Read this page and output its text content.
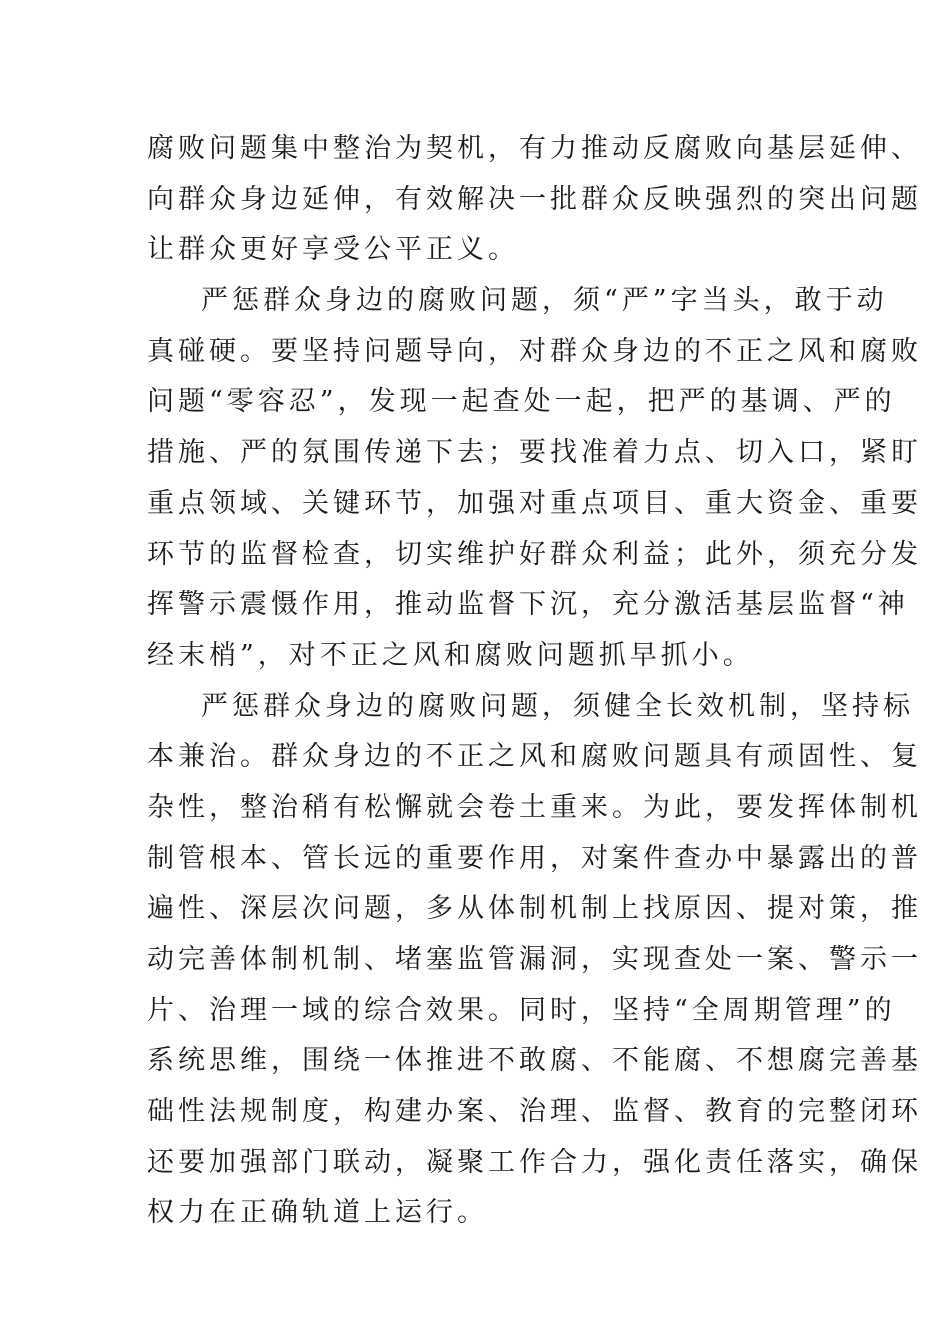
腐败问题集中整治为契机，有力推动反腐败向基层延伸、
向群众身边延伸，有效解决一批群众反映强烈的突出问题
让群众更好享受公平正义。
严惩群众身边的腐败问题，须“严”字当头，敢于动
真碰硬。要坚持问题导向，对群众身边的不正之风和腐败
问题“零容忍”，发现一起查处一起，把严的基调、严的
措施、严的氛围传递下去；要找准着力点、切入口，紧盯
重点领域、关键环节，加强对重点项目、重大资金、重要
环节的监督检查，切实维护好群众利益；此外，须充分发
挥警示震慑作用，推动监督下沉，充分激活基层监督“神
经末梢”，对不正之风和腐败问题抓早抓小。
严惩群众身边的腐败问题，须健全长效机制，坚持标
本兼治。群众身边的不正之风和腐败问题具有顽固性、复
杂性，整治稍有松懈就会卷土重来。为此，要发挥体制机
制管根本、管长远的重要作用，对案件查办中暴露出的普
遍性、深层次问题，多从体制机制上找原因、提对策，推
动完善体制机制、堵塞监管漏洞，实现查处一案、警示一
片、治理一域的综合效果。同时，坚持“全周期管理”的
系统思维，围绕一体推进不敢腐、不能腐、不想腐完善基
础性法规制度，构建办案、治理、监督、教育的完整闭环
还要加强部门联动，凝聚工作合力，强化责任落实，确保
权力在正确轨道上运行。
